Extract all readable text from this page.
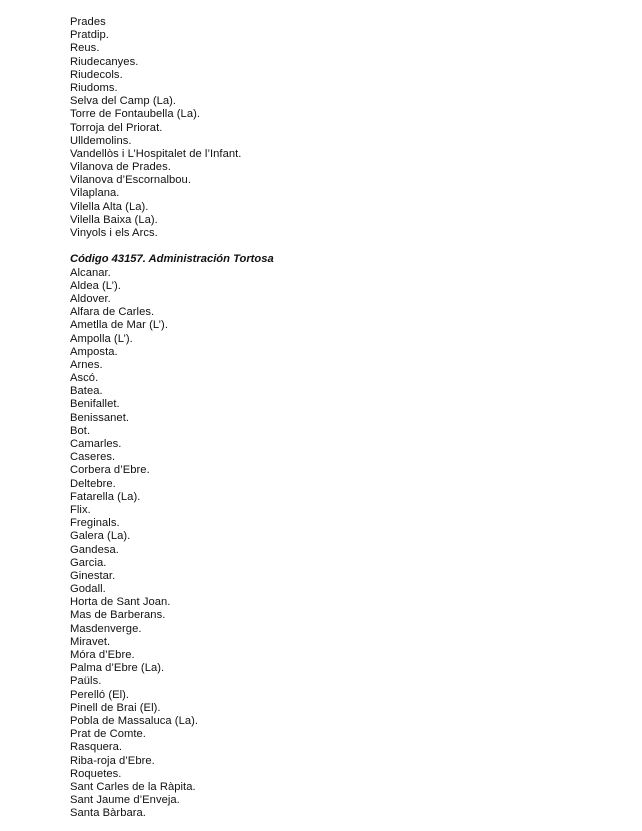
Prades
Pratdip.
Reus.
Riudecanyes.
Riudecols.
Riudoms.
Selva del Camp (La).
Torre de Fontaubella (La).
Torroja del Priorat.
Ulldemolins.
Vandellòs i L’Hospitalet de l’Infant.
Vilanova de Prades.
Vilanova d’Escornalbou.
Vilaplana.
Vilella Alta (La).
Vilella Baixa (La).
Vinyols i els Arcs.
Código 43157. Administración Tortosa
Alcanar.
Aldea (L’).
Aldover.
Alfara de Carles.
Ametlla de Mar (L’).
Ampolla (L’).
Amposta.
Arnes.
Ascó.
Batea.
Benifallet.
Benissanet.
Bot.
Camarles.
Caseres.
Corbera d’Ebre.
Deltebre.
Fatarella (La).
Flix.
Freginals.
Galera (La).
Gandesa.
Garcia.
Ginestar.
Godall.
Horta de Sant Joan.
Mas de Barberans.
Masdenverge.
Miravet.
Móra d’Ebre.
Palma d’Ebre (La).
Paüls.
Perelló (El).
Pinell de Brai (El).
Pobla de Massaluca (La).
Prat de Comte.
Rasquera.
Riba-roja d’Ebre.
Roquetes.
Sant Carles de la Ràpita.
Sant Jaume d’Enveja.
Santa Bàrbara.
